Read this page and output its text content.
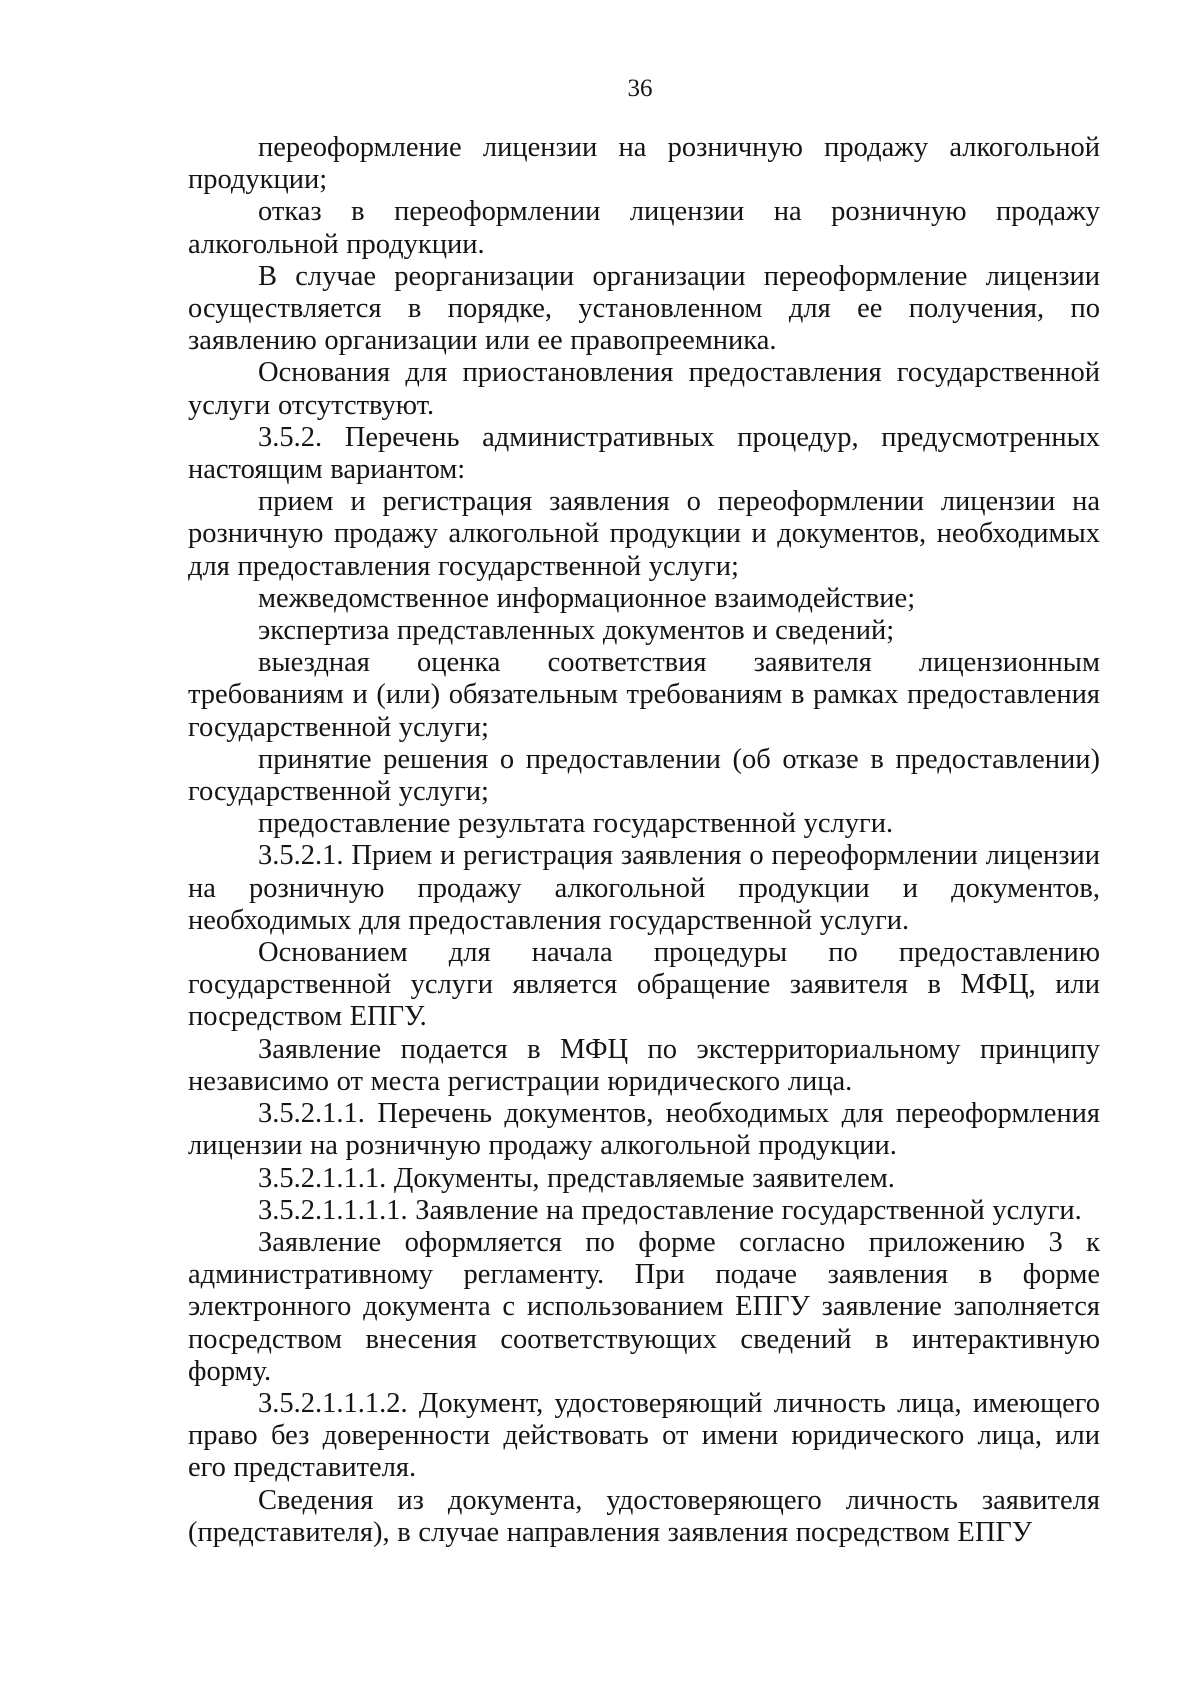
36

переоформление лицензии на розничную продажу алкогольной продукции;

отказ в переоформлении лицензии на розничную продажу алкогольной продукции.

В случае реорганизации организации переоформление лицензии осуществляется в порядке, установленном для ее получения, по заявлению организации или ее правопреемника.

Основания для приостановления предоставления государственной услуги отсутствуют.

3.5.2. Перечень административных процедур, предусмотренных настоящим вариантом:

прием и регистрация заявления о переоформлении лицензии на розничную продажу алкогольной продукции и документов, необходимых для предоставления государственной услуги;

межведомственное информационное взаимодействие;

экспертиза представленных документов и сведений;

выездная оценка соответствия заявителя лицензионным требованиям и (или) обязательным требованиям в рамках предоставления государственной услуги;

принятие решения о предоставлении (об отказе в предоставлении) государственной услуги;

предоставление результата государственной услуги.

3.5.2.1. Прием и регистрация заявления о переоформлении лицензии на розничную продажу алкогольной продукции и документов, необходимых для предоставления государственной услуги.

Основанием для начала процедуры по предоставлению государственной услуги является обращение заявителя в МФЦ, или посредством ЕПГУ.

Заявление подается в МФЦ по экстерриториальному принципу независимо от места регистрации юридического лица.

3.5.2.1.1. Перечень документов, необходимых для переоформления лицензии на розничную продажу алкогольной продукции.

3.5.2.1.1.1. Документы, представляемые заявителем.

3.5.2.1.1.1.1. Заявление на предоставление государственной услуги.

Заявление оформляется по форме согласно приложению 3 к административному регламенту. При подаче заявления в форме электронного документа с использованием ЕПГУ заявление заполняется посредством внесения соответствующих сведений в интерактивную форму.

3.5.2.1.1.1.2. Документ, удостоверяющий личность лица, имеющего право без доверенности действовать от имени юридического лица, или его представителя.

Сведения из документа, удостоверяющего личность заявителя (представителя), в случае направления заявления посредством ЕПГУ
